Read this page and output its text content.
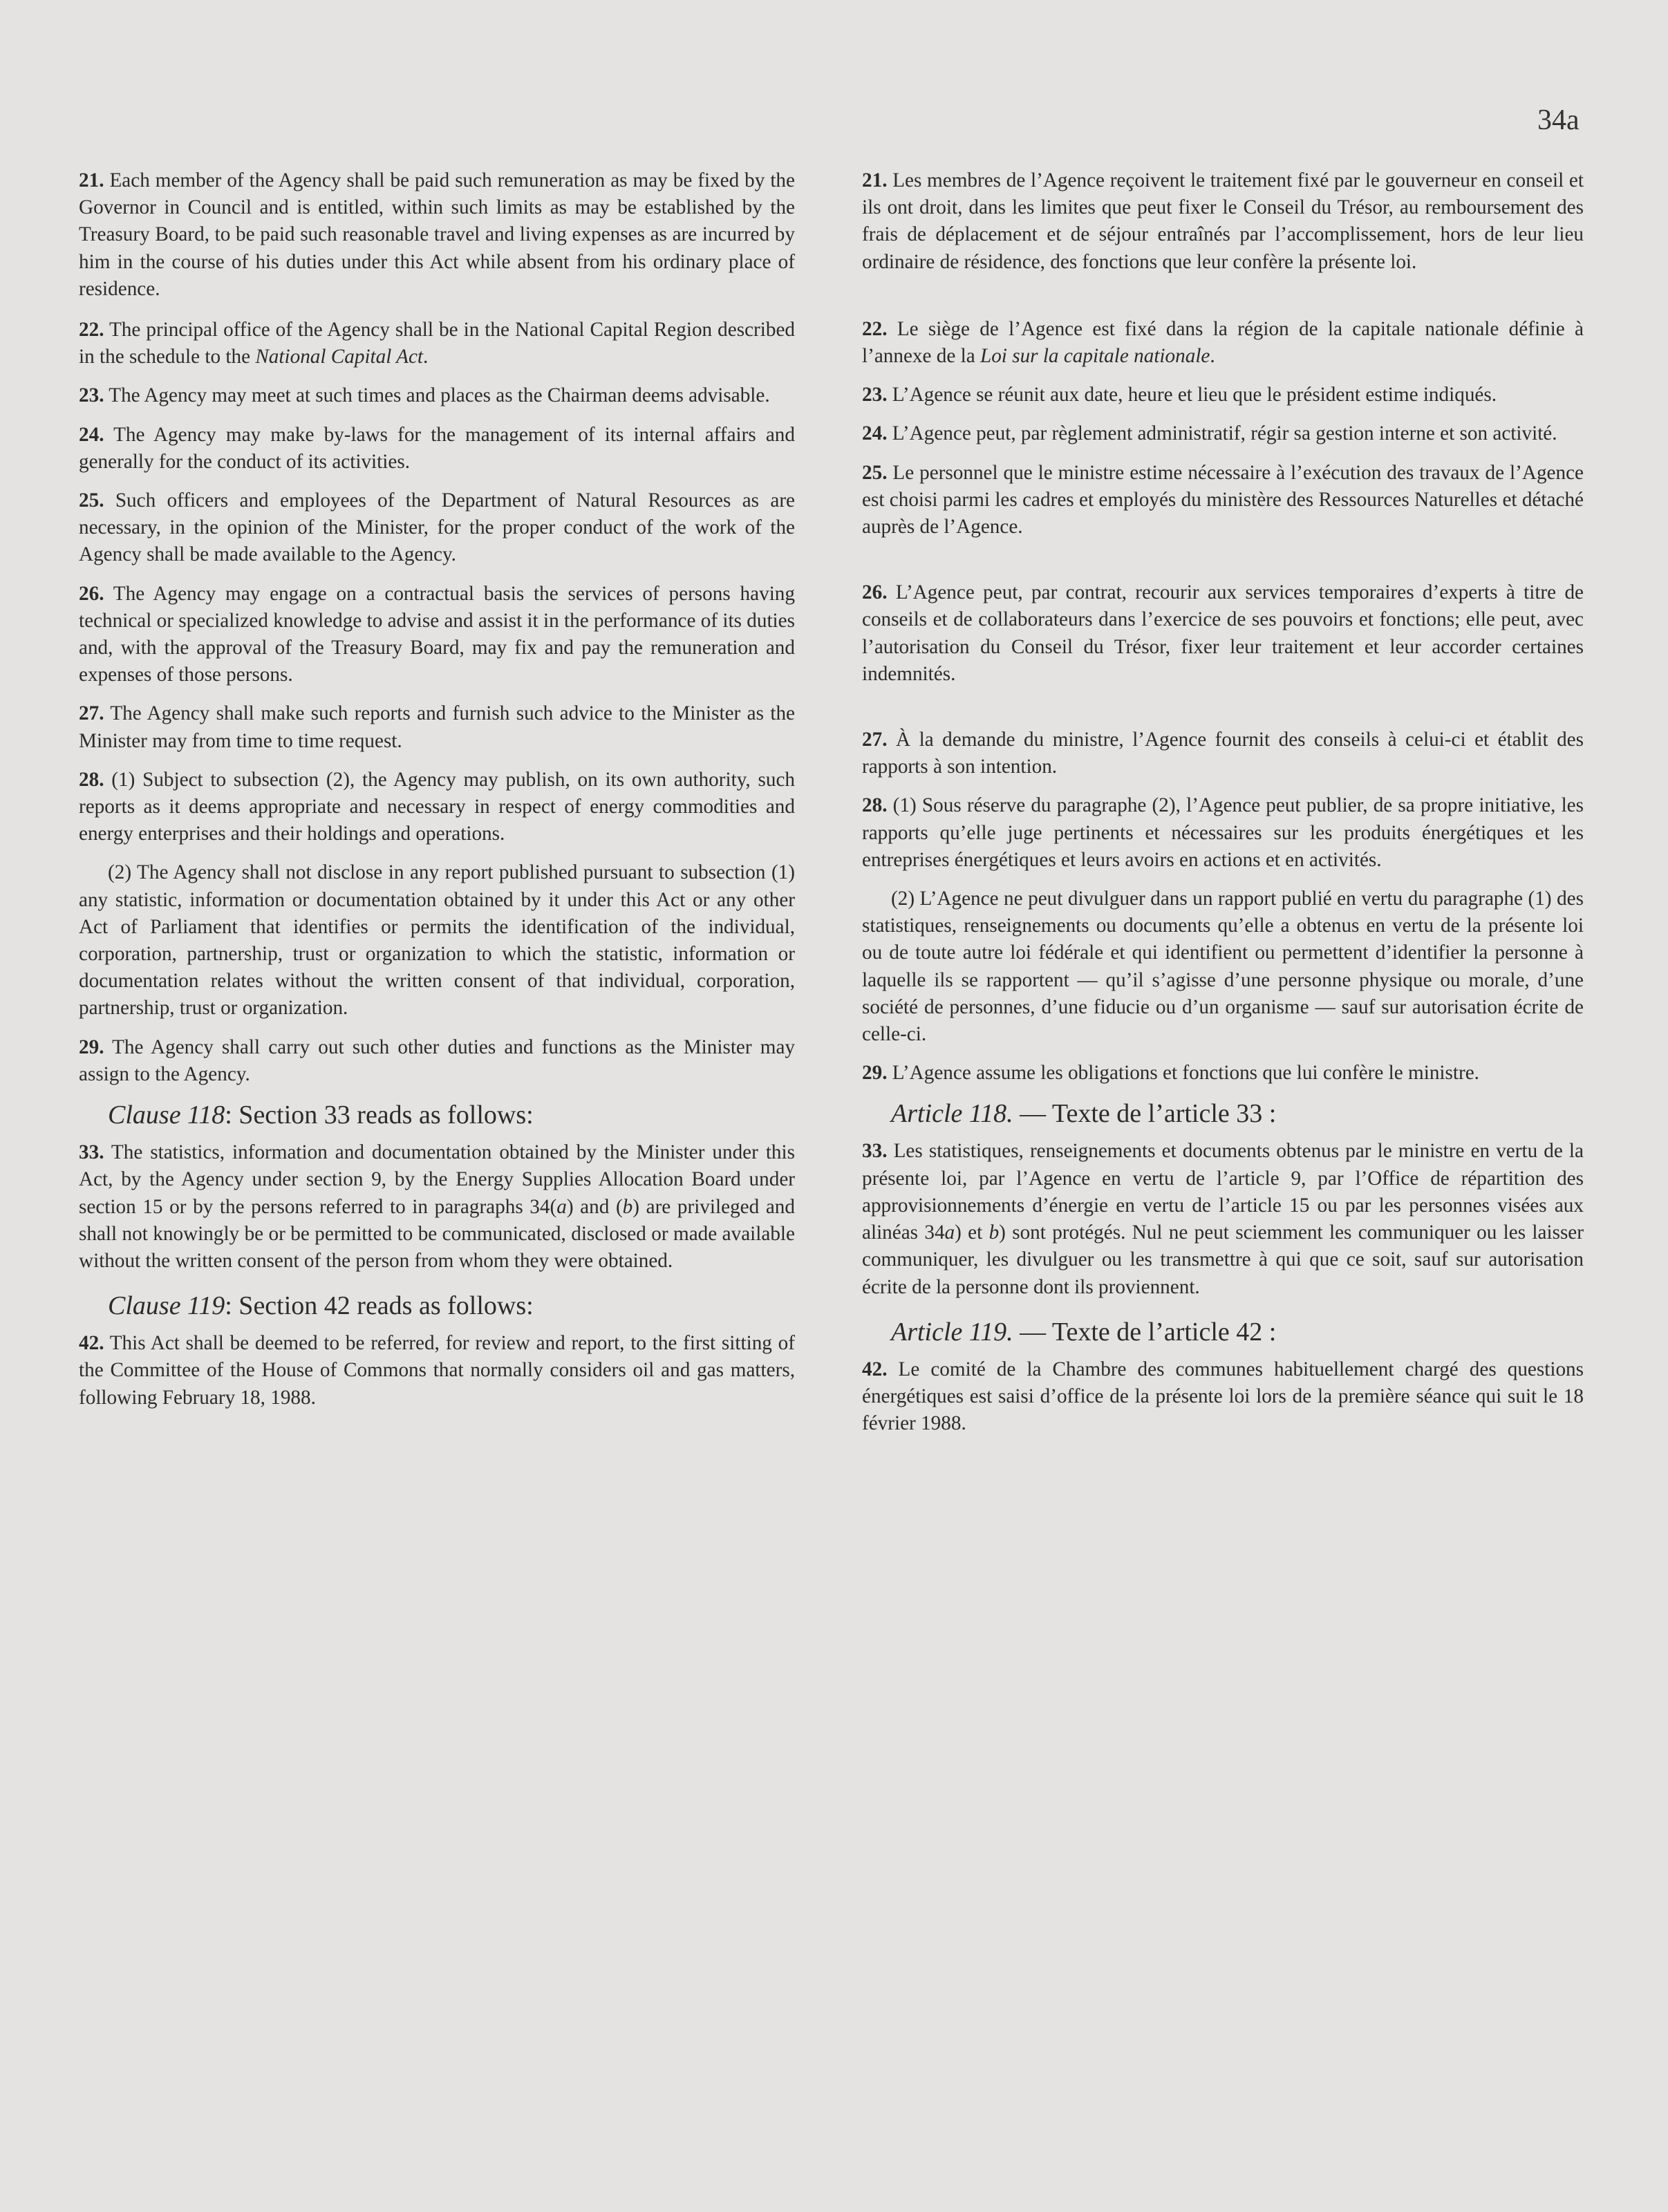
34a

21. Each member of the Agency shall be paid such remuneration as may be fixed by the Governor in Council and is entitled, within such limits as may be established by the Treasury Board, to be paid such reasonable travel and living expenses as are incurred by him in the course of his duties under this Act while absent from his ordinary place of residence.

22. The principal office of the Agency shall be in the National Capital Region described in the schedule to the National Capital Act.

23. The Agency may meet at such times and places as the Chairman deems advisable.

24. The Agency may make by-laws for the management of its internal affairs and generally for the conduct of its activities.

25. Such officers and employees of the Department of Natural Resources as are necessary, in the opinion of the Minister, for the proper conduct of the work of the Agency shall be made available to the Agency.

26. The Agency may engage on a contractual basis the services of persons having technical or specialized knowledge to advise and assist it in the performance of its duties and, with the approval of the Treasury Board, may fix and pay the remuneration and expenses of those persons.

27. The Agency shall make such reports and furnish such advice to the Minister as the Minister may from time to time request.

28. (1) Subject to subsection (2), the Agency may publish, on its own authority, such reports as it deems appropriate and necessary in respect of energy commodities and energy enterprises and their holdings and operations.

(2) The Agency shall not disclose in any report published pursuant to subsection (1) any statistic, information or documentation obtained by it under this Act or any other Act of Parliament that identifies or permits the identification of the individual, corporation, partnership, trust or organization to which the statistic, information or documentation relates without the written consent of that individual, corporation, partnership, trust or organization.

29. The Agency shall carry out such other duties and functions as the Minister may assign to the Agency.

Clause 118: Section 33 reads as follows:

33. The statistics, information and documentation obtained by the Minister under this Act, by the Agency under section 9, by the Energy Supplies Allocation Board under section 15 or by the persons referred to in paragraphs 34(a) and (b) are privileged and shall not knowingly be or be permitted to be communicated, disclosed or made available without the written consent of the person from whom they were obtained.

Clause 119: Section 42 reads as follows:

42. This Act shall be deemed to be referred, for review and report, to the first sitting of the Committee of the House of Commons that normally considers oil and gas matters, following February 18, 1988.

21. Les membres de l’Agence reçoivent le traitement fixé par le gouverneur en conseil et ils ont droit, dans les limites que peut fixer le Conseil du Trésor, au remboursement des frais de déplacement et de séjour entraînés par l’accomplissement, hors de leur lieu ordinaire de résidence, des fonctions que leur confère la présente loi.

22. Le siège de l’Agence est fixé dans la région de la capitale nationale définie à l’annexe de la Loi sur la capitale nationale.

23. L’Agence se réunit aux date, heure et lieu que le président estime indiqués.

24. L’Agence peut, par règlement administratif, régir sa gestion interne et son activité.

25. Le personnel que le ministre estime nécessaire à l’exécution des travaux de l’Agence est choisi parmi les cadres et employés du ministère des Ressources Naturelles et détaché auprès de l’Agence.

26. L’Agence peut, par contrat, recourir aux services temporaires d’experts à titre de conseils et de collaborateurs dans l’exercice de ses pouvoirs et fonctions; elle peut, avec l’autorisation du Conseil du Trésor, fixer leur traitement et leur accorder certaines indemnités.

27. À la demande du ministre, l’Agence fournit des conseils à celui-ci et établit des rapports à son intention.

28. (1) Sous réserve du paragraphe (2), l’Agence peut publier, de sa propre initiative, les rapports qu’elle juge pertinents et nécessaires sur les produits énergétiques et les entreprises énergétiques et leurs avoirs en actions et en activités.

(2) L’Agence ne peut divulguer dans un rapport publié en vertu du paragraphe (1) des statistiques, renseignements ou documents qu’elle a obtenus en vertu de la présente loi ou de toute autre loi fédérale et qui identifient ou permettent d’identifier la personne à laquelle ils se rapportent — qu’il s’agisse d’une personne physique ou morale, d’une société de personnes, d’une fiducie ou d’un organisme — sauf sur autorisation écrite de celle-ci.

29. L’Agence assume les obligations et fonctions que lui confère le ministre.

Article 118. — Texte de l’article 33 :

33. Les statistiques, renseignements et documents obtenus par le ministre en vertu de la présente loi, par l’Agence en vertu de l’article 9, par l’Office de répartition des approvisionnements d’énergie en vertu de l’article 15 ou par les personnes visées aux alinéas 34a) et b) sont protégés. Nul ne peut sciemment les communiquer ou les laisser communiquer, les divulguer ou les transmettre à qui que ce soit, sauf sur autorisation écrite de la personne dont ils proviennent.

Article 119. — Texte de l’article 42 :

42. Le comité de la Chambre des communes habituellement chargé des questions énergétiques est saisi d’office de la présente loi lors de la première séance qui suit le 18 février 1988.
